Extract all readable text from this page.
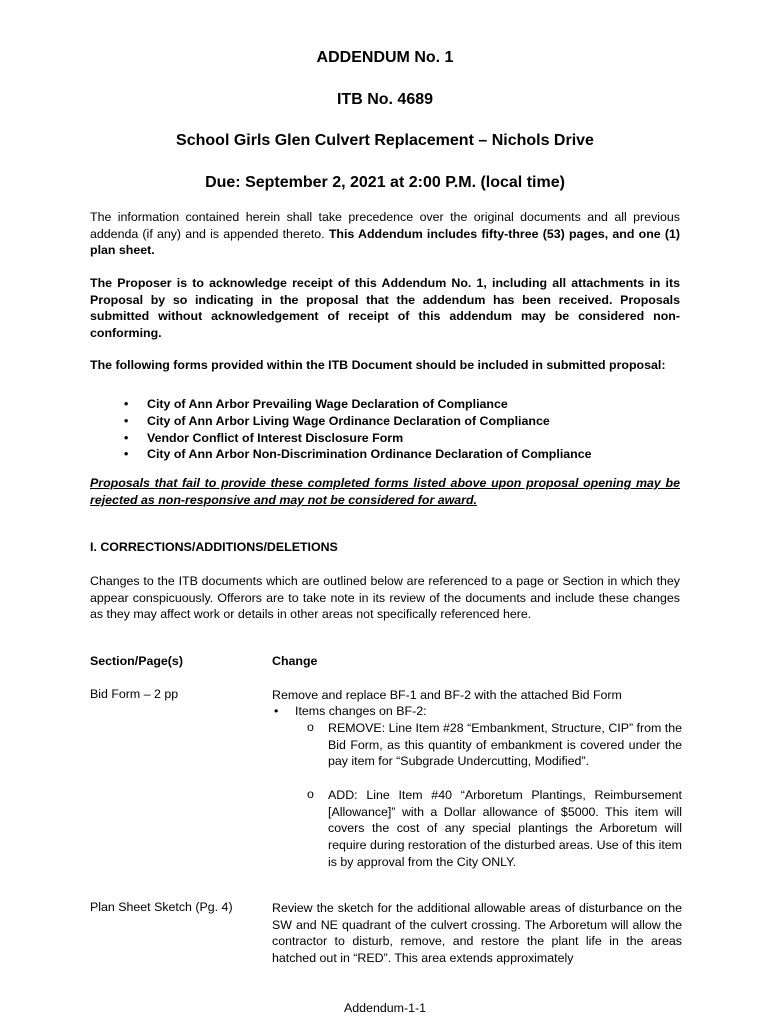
ADDENDUM No. 1
ITB No. 4689
School Girls Glen Culvert Replacement – Nichols Drive
Due: September 2, 2021 at 2:00 P.M. (local time)

The information contained herein shall take precedence over the original documents and all previous addenda (if any) and is appended thereto. This Addendum includes fifty-three (53) pages, and one (1) plan sheet.

The Proposer is to acknowledge receipt of this Addendum No. 1, including all attachments in its Proposal by so indicating in the proposal that the addendum has been received. Proposals submitted without acknowledgement of receipt of this addendum may be considered non-conforming.

The following forms provided within the ITB Document should be included in submitted proposal:

• City of Ann Arbor Prevailing Wage Declaration of Compliance
• City of Ann Arbor Living Wage Ordinance Declaration of Compliance
• Vendor Conflict of Interest Disclosure Form
• City of Ann Arbor Non-Discrimination Ordinance Declaration of Compliance

Proposals that fail to provide these completed forms listed above upon proposal opening may be rejected as non-responsive and may not be considered for award.

I. CORRECTIONS/ADDITIONS/DELETIONS

Changes to the ITB documents which are outlined below are referenced to a page or Section in which they appear conspicuously. Offerors are to take note in its review of the documents and include these changes as they may affect work or details in other areas not specifically referenced here.

Section/Page(s)	Change

Bid Form – 2 pp	Remove and replace BF-1 and BF-2 with the attached Bid Form

• Items changes on BF-2:

o REMOVE: Line Item #28 “Embankment, Structure, CIP” from the Bid Form, as this quantity of embankment is covered under the pay item for “Subgrade Undercutting, Modified”.

o ADD: Line Item #40 “Arboretum Plantings, Reimbursement [Allowance]” with a Dollar allowance of $5000. This item will covers the cost of any special plantings the Arboretum will require during restoration of the disturbed areas. Use of this item is by approval from the City ONLY.

Plan Sheet Sketch (Pg. 4)	Review the sketch for the additional allowable areas of disturbance on the SW and NE quadrant of the culvert crossing. The Arboretum will allow the contractor to disturb, remove, and restore the plant life in the areas hatched out in “RED”. This area extends approximately

Addendum-1-1
